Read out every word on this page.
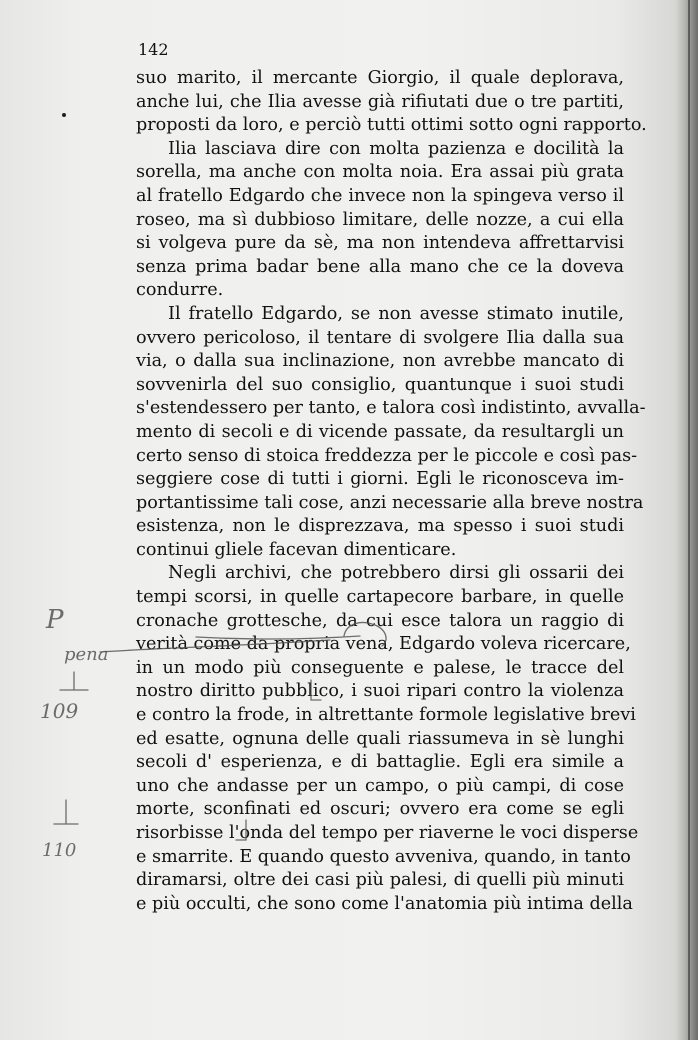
142
suo marito, il mercante Giorgio, il quale deplorava,
anche lui, che Ilia avesse già rifiutati due o tre partiti,
proposti da loro, e perciò tutti ottimi sotto ogni rapporto.
Ilia lasciava dire con molta pazienza e docilità la
sorella, ma anche con molta noia. Era assai più grata
al fratello Edgardo che invece non la spingeva verso il
roseo, ma sì dubbioso limitare, delle nozze, a cui ella
si volgeva pure da sè, ma non intendeva affrettarvisi
senza prima badar bene alla mano che ce la doveva
condurre.
Il fratello Edgardo, se non avesse stimato inutile,
ovvero pericoloso, il tentare di svolgere Ilia dalla sua
via, o dalla sua inclinazione, non avrebbe mancato di
sovvenirla del suo consiglio, quantunque i suoi studi
s'estendessero per tanto, e talora così indistinto, avvalla-
mento di secoli e di vicende passate, da resultargli un
certo senso di stoica freddezza per le piccole e così pas-
seggiere cose di tutti i giorni. Egli le riconosceva im-
portantissime tali cose, anzi necessarie alla breve nostra
esistenza, non le disprezzava, ma spesso i suoi studi
continui gliele facevan dimenticare.
Negli archivi, che potrebbero dirsi gli ossarii dei
tempi scorsi, in quelle cartapecore barbare, in quelle
cronache grottesche, da cui esce talora un raggio di
verità come da propria vena, Edgardo voleva ricercare,
in un modo più conseguente e palese, le tracce del
nostro diritto pubblico, i suoi ripari contro la violenza
e contro la frode, in altrettante formole legislative brevi
ed esatte, ognuna delle quali riassumeva in sè lunghi
secoli d' esperienza, e di battaglie. Egli era simile a
uno che andasse per un campo, o più campi, di cose
morte, sconfinati ed oscuri; ovvero era come se egli
risorbisse l'onda del tempo per riaverne le voci disperse
e smarrite. E quando questo avveniva, quando, in tanto
diramarsi, oltre dei casi più palesi, di quelli più minuti
e più occulti, che sono come l'anatomia più intima della
P
pena
109
110
